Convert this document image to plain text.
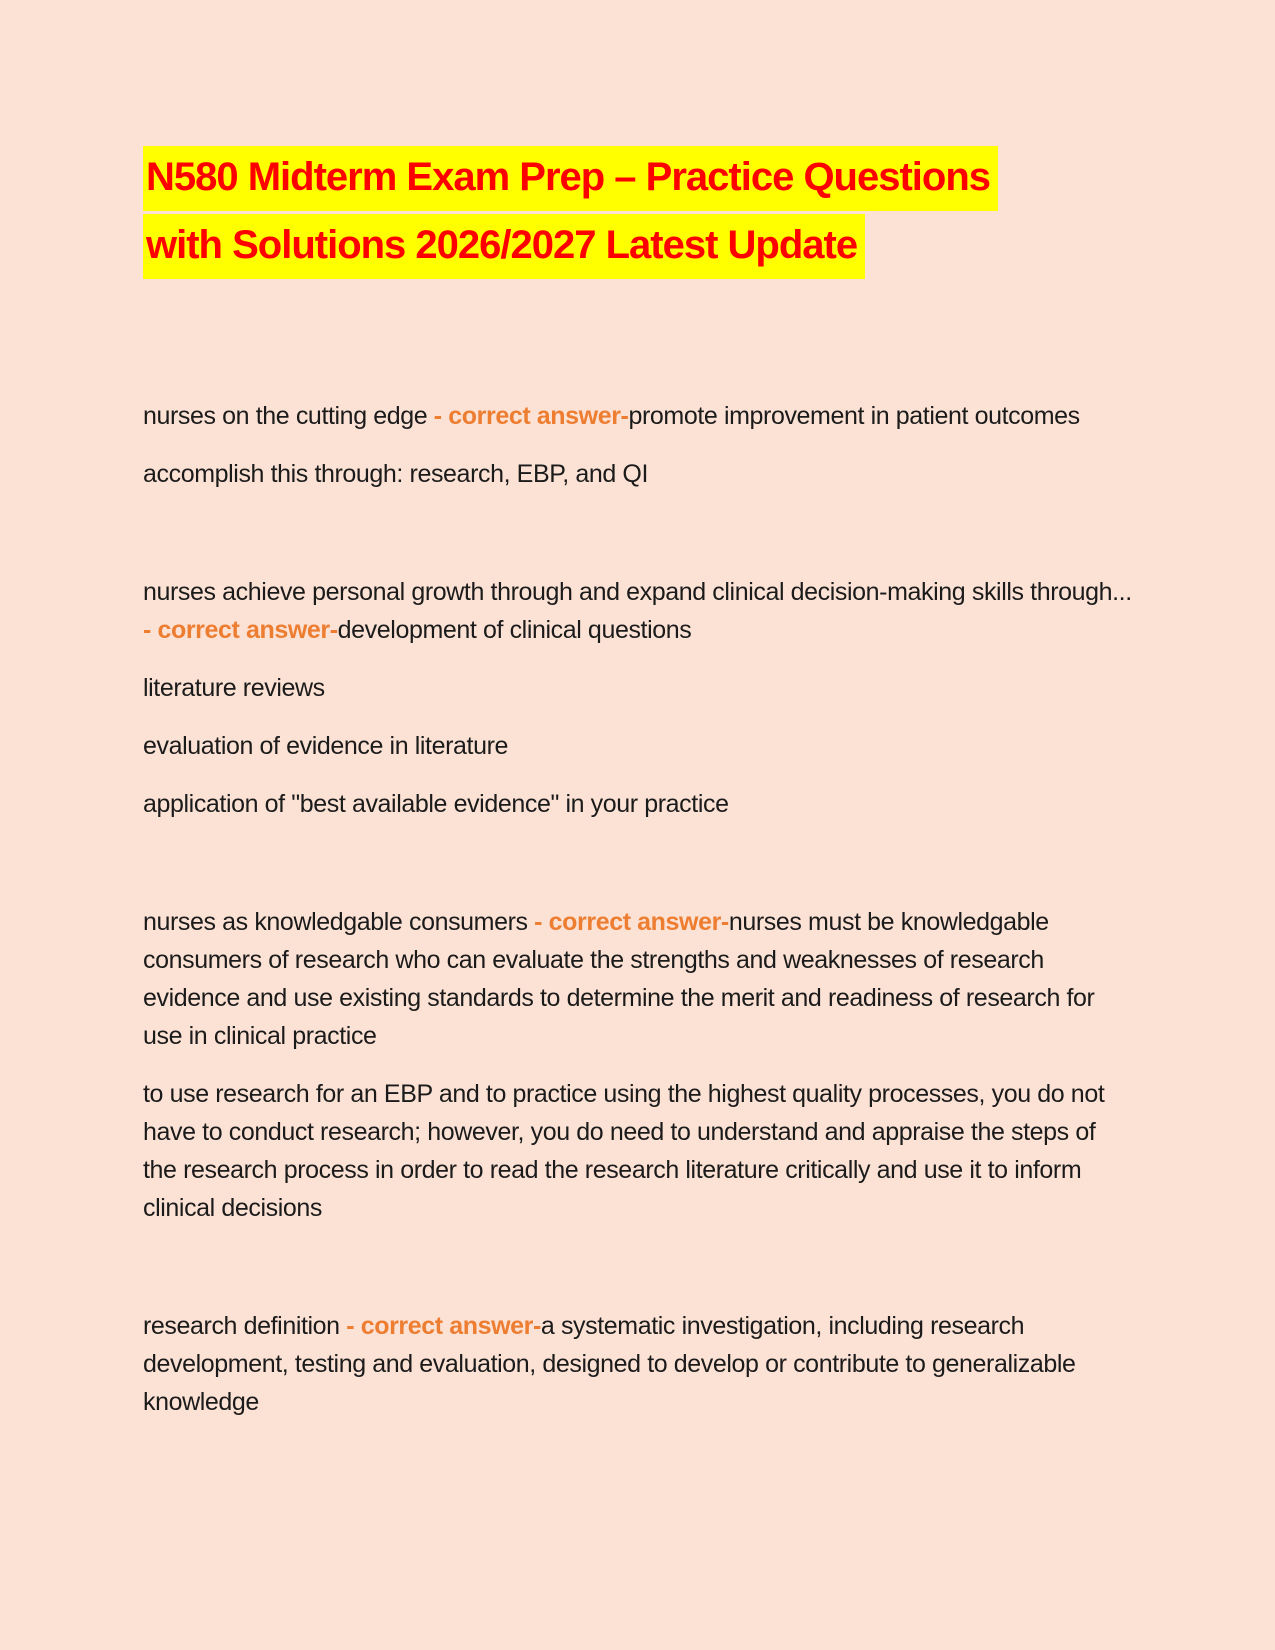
N580 Midterm Exam Prep – Practice Questions
with Solutions 2026/2027 Latest Update

nurses on the cutting edge - correct answer-promote improvement in patient outcomes

accomplish this through: research, EBP, and QI

nurses achieve personal growth through and expand clinical decision-making skills through... - correct answer-development of clinical questions

literature reviews

evaluation of evidence in literature

application of "best available evidence" in your practice

nurses as knowledgable consumers - correct answer-nurses must be knowledgable consumers of research who can evaluate the strengths and weaknesses of research evidence and use existing standards to determine the merit and readiness of research for use in clinical practice

to use research for an EBP and to practice using the highest quality processes, you do not have to conduct research; however, you do need to understand and appraise the steps of the research process in order to read the research literature critically and use it to inform clinical decisions

research definition - correct answer-a systematic investigation, including research development, testing and evaluation, designed to develop or contribute to generalizable knowledge
